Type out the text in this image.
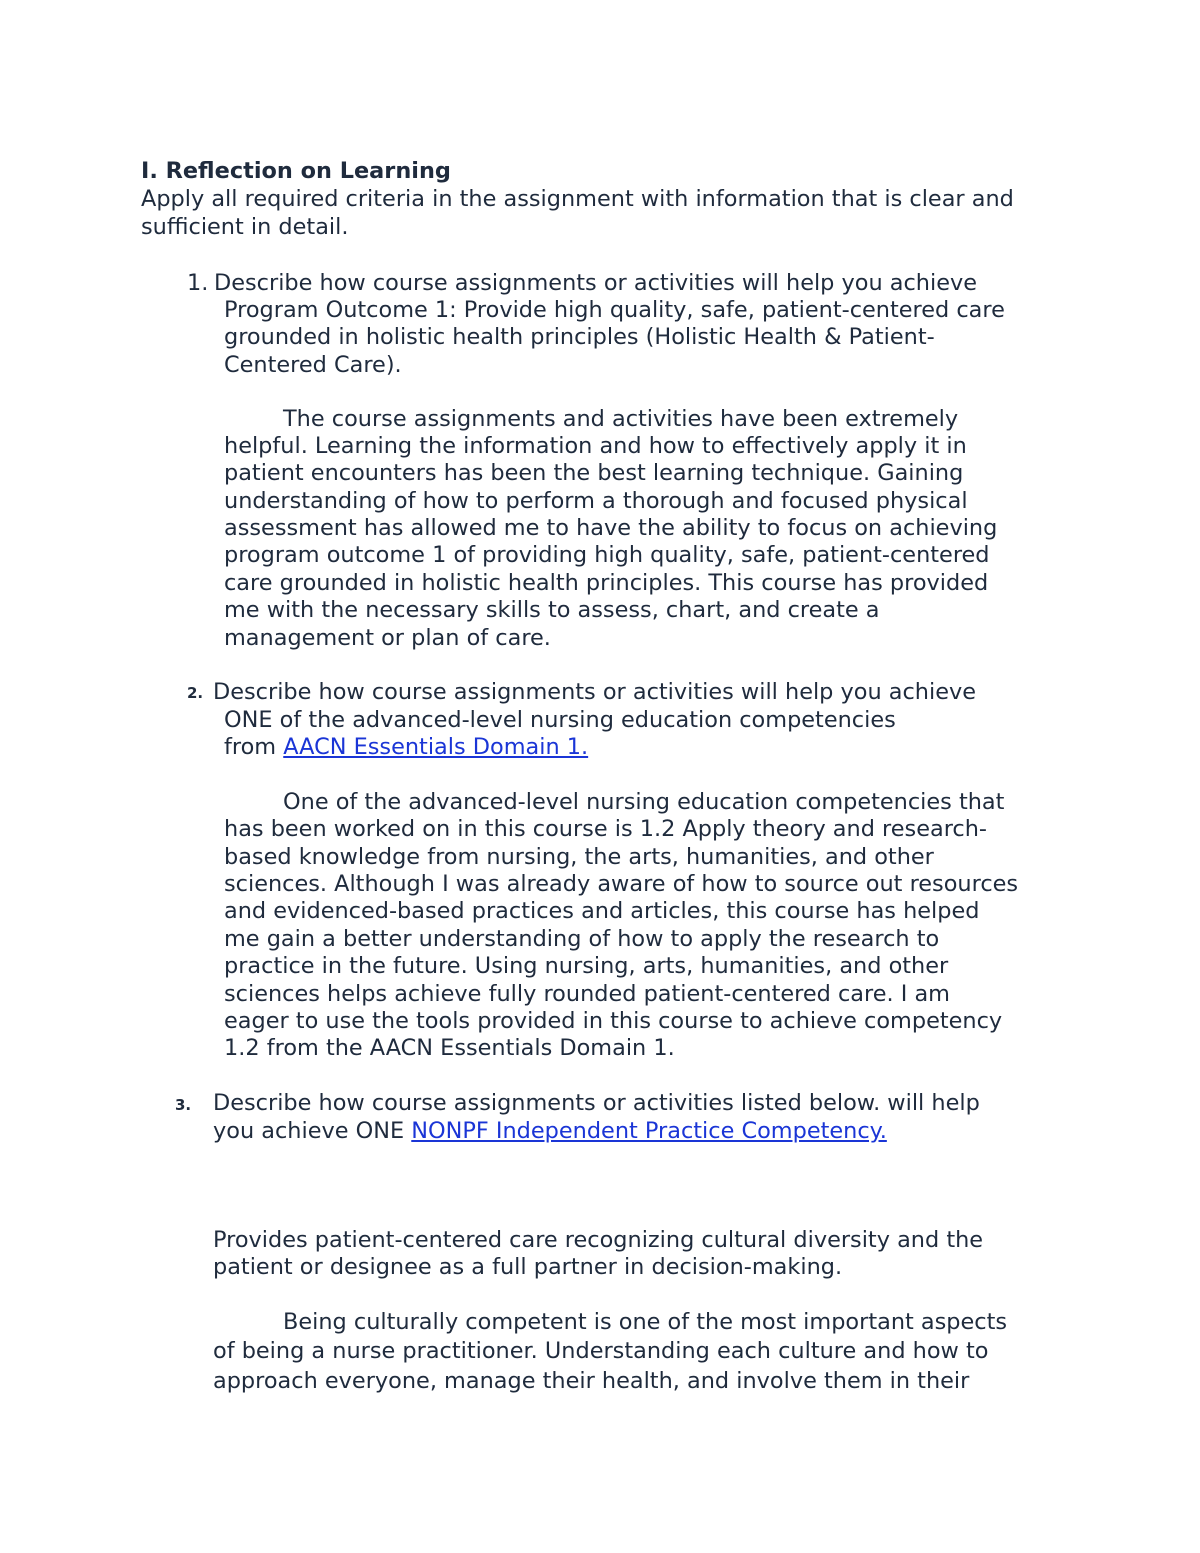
I. Reflection on Learning

Apply all required criteria in the assignment with information that is clear and

sufficient in detail.

1. Describe how course assignments or activities will help you achieve

Program Outcome 1: Provide high quality, safe, patient-centered care

grounded in holistic health principles (Holistic Health & Patient-

Centered Care).

The course assignments and activities have been extremely

helpful. Learning the information and how to effectively apply it in

patient encounters has been the best learning technique. Gaining

understanding of how to perform a thorough and focused physical

assessment has allowed me to have the ability to focus on achieving

program outcome 1 of providing high quality, safe, patient-centered

care grounded in holistic health principles. This course has provided

me with the necessary skills to assess, chart, and create a

management or plan of care.

2. Describe how course assignments or activities will help you achieve

ONE of the advanced-level nursing education competencies

from AACN Essentials Domain 1.

One of the advanced-level nursing education competencies that

has been worked on in this course is 1.2 Apply theory and research-

based knowledge from nursing, the arts, humanities, and other

sciences. Although I was already aware of how to source out resources

and evidenced-based practices and articles, this course has helped

me gain a better understanding of how to apply the research to

practice in the future. Using nursing, arts, humanities, and other

sciences helps achieve fully rounded patient-centered care. I am

eager to use the tools provided in this course to achieve competency

1.2 from the AACN Essentials Domain 1.

3. Describe how course assignments or activities listed below. will help

you achieve ONE NONPF Independent Practice Competency.

Provides patient-centered care recognizing cultural diversity and the

patient or designee as a full partner in decision-making.

Being culturally competent is one of the most important aspects

of being a nurse practitioner. Understanding each culture and how to

approach everyone, manage their health, and involve them in their
